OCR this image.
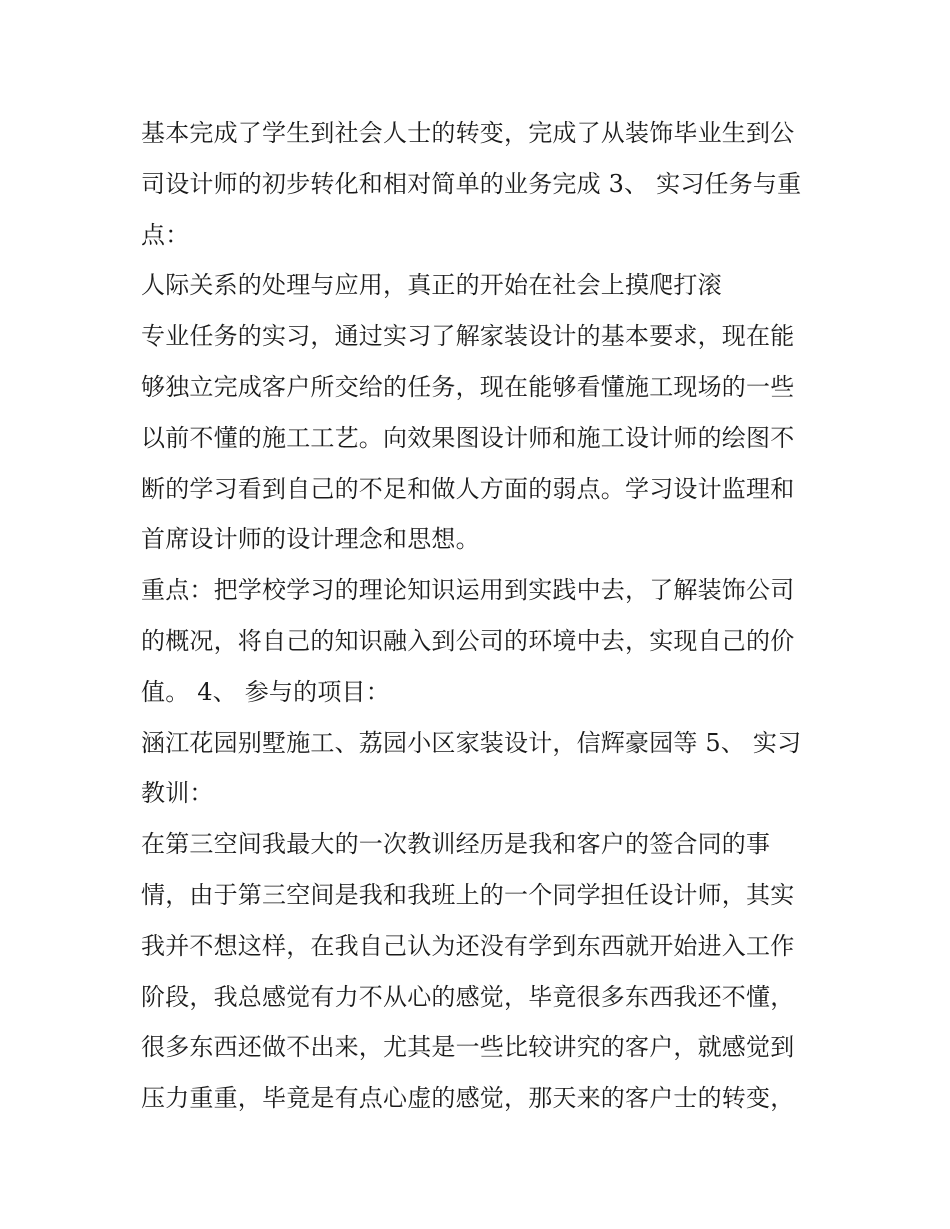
基本完成了学生到社会人士的转变，完成了从装饰毕业生到公
司设计师的初步转化和相对简单的业务完成 3、 实习任务与重
点：
人际关系的处理与应用，真正的开始在社会上摸爬打滚
专业任务的实习，通过实习了解家装设计的基本要求，现在能
够独立完成客户所交给的任务，现在能够看懂施工现场的一些
以前不懂的施工工艺。向效果图设计师和施工设计师的绘图不
断的学习看到自己的不足和做人方面的弱点。学习设计监理和
首席设计师的设计理念和思想。
重点：把学校学习的理论知识运用到实践中去，了解装饰公司
的概况，将自己的知识融入到公司的环境中去，实现自己的价
值。 4、 参与的项目：
涵江花园别墅施工、荔园小区家装设计，信辉豪园等 5、 实习
教训：
在第三空间我最大的一次教训经历是我和客户的签合同的事
情，由于第三空间是我和我班上的一个同学担任设计师，其实
我并不想这样，在我自己认为还没有学到东西就开始进入工作
阶段，我总感觉有力不从心的感觉，毕竟很多东西我还不懂，
很多东西还做不出来，尤其是一些比较讲究的客户，就感觉到
压力重重，毕竟是有点心虚的感觉，那天来的客户士的转变，
